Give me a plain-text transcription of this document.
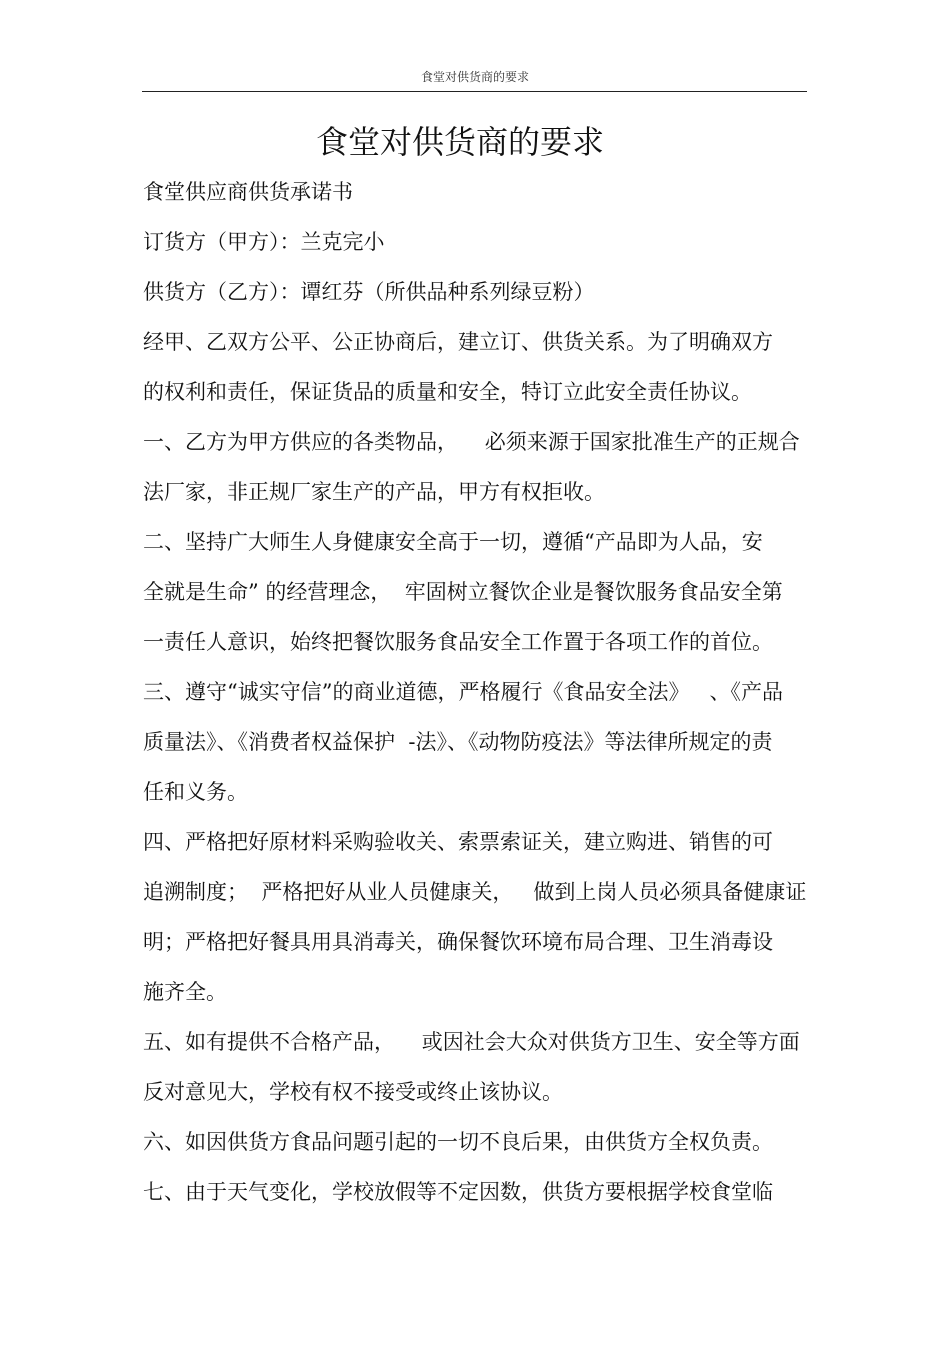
食堂对供货商的要求
食堂对供货商的要求
食堂供应商供货承诺书
订货方（甲方）：兰克完小
供货方（乙方）：谭红芬（所供品种系列绿豆粉）
经甲、乙双方公平、公正协商后，建立订、供货关系。为了明确双方
的权利和责任，保证货品的质量和安全，特订立此安全责任协议。
一、乙方为甲方供应的各类物品，    必须来源于国家批准生产的正规合
法厂家，非正规厂家生产的产品，甲方有权拒收。
二、坚持广大师生人身健康安全高于一切，遵循“产品即为人品，安
全就是生命” 的经营理念，  牢固树立餐饮企业是餐饮服务食品安全第
一责任人意识，始终把餐饮服务食品安全工作置于各项工作的首位。
三、遵守“诚实守信”的商业道德，严格履行《食品安全法》   、《产品
质量法》、《消费者权益保护  -法》、《动物防疫法》等法律所规定的责
任和义务。
四、严格把好原材料采购验收关、索票索证关，建立购进、销售的可
追溯制度；  严格把好从业人员健康关，   做到上岗人员必须具备健康证
明；严格把好餐具用具消毒关，确保餐饮环境布局合理、卫生消毒设
施齐全。
五、如有提供不合格产品，    或因社会大众对供货方卫生、安全等方面
反对意见大，学校有权不接受或终止该协议。
六、如因供货方食品问题引起的一切不良后果，由供货方全权负责。
七、由于天气变化，学校放假等不定因数，供货方要根据学校食堂临
